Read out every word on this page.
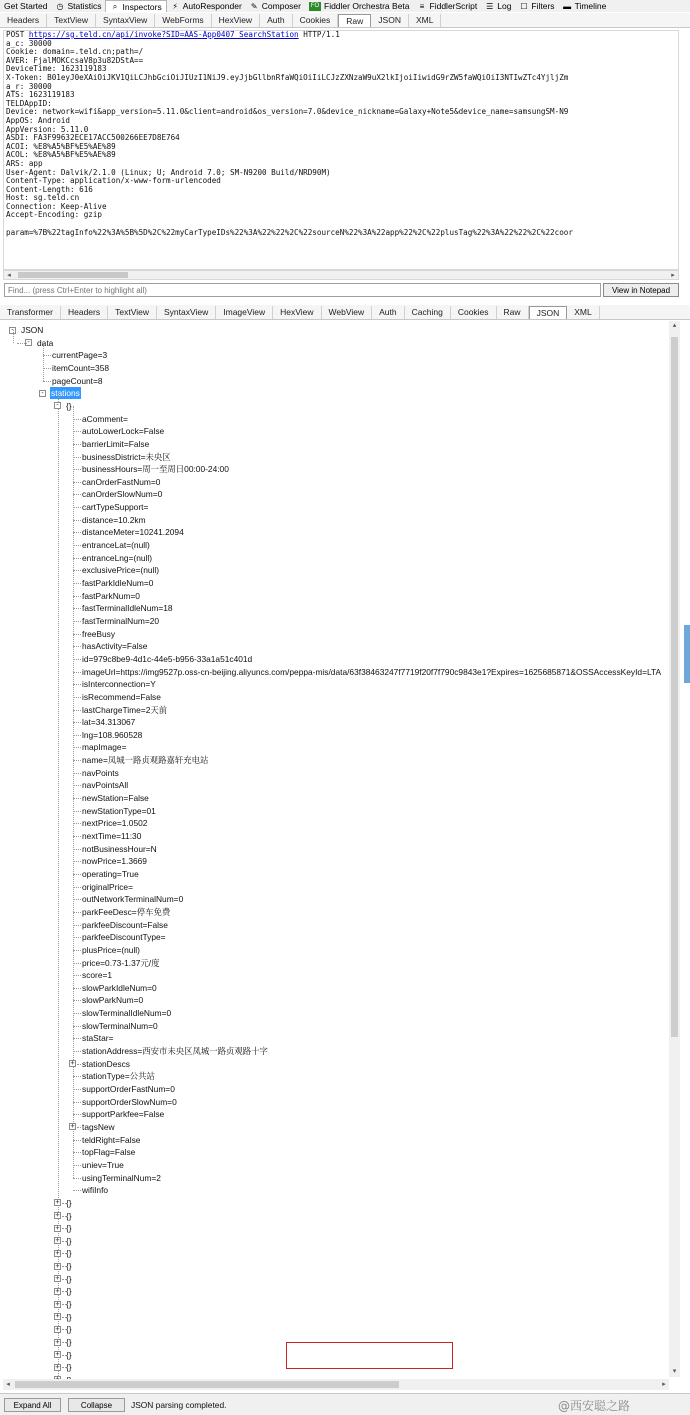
Get Started ◷ Statistics ⌕ Inspectors ⚡ AutoResponder ✎ Composer	FO Fiddler Orchestra Beta ≡ FiddlerScript ☰ Log ☐ Filters ▬ Timeline
Headers	TextView	SyntaxView	WebForms	HexView	Auth	Cookies	Raw	JSON	XML
POST https://sg.teld.cn/api/invoke?SID=AAS-App0407_SearchStation HTTP/1.1
a_c: 30000
Cookie: domain=.teld.cn;path=/
AVER: FjalMOKCcsaV8p3u82DStA==
DeviceTime: 1623119183
X-Token: B01eyJ0eXAiOiJKV1QiLCJhbGciOiJIUzI1NiJ9.eyJjbGllbnRfaWQiOiIiLCJzZXNzaW9uX2lkIjoiIiwidG9rZW5faWQiOiI3NTIwZTc4YjljZm
a_r: 30000
ATS: 1623119183
TELDAppID:
Device: network=wifi&app_version=5.11.0&client=android&os_version=7.0&device_nickname=Galaxy+Note5&device_name=samsungSM-N9
AppOS: Android
AppVersion: 5.11.0
ASDI: FA3F99632ECE17ACC500266EE7D8E764
ACOI: %E8%A5%BF%E5%AE%89
ACOL: %E8%A5%BF%E5%AE%89
ARS: app
User-Agent: Dalvik/2.1.0 (Linux; U; Android 7.0; SM-N9200 Build/NRD90M)
Content-Type: application/x-www-form-urlencoded
Content-Length: 616
Host: sg.teld.cn
Connection: Keep-Alive
Accept-Encoding: gzip

param=%7B%22tagInfo%22%3A%5B%5D%2C%22myCarTypeIDs%22%3A%22%22%2C%22sourceN%22%3A%22app%22%2C%22plusTag%22%3A%22%22%2C%22coor
◂	▸
Find... (press Ctrl+Enter to highlight all)
View in Notepad
Transformer	Headers	TextView	SyntaxView	ImageView	HexView	WebView	Auth	Caching	Cookies	Raw	JSON	XML
- JSON
- data
currentPage=3
itemCount=358
pageCount=8
- stations
- {}
aComment=
autoLowerLock=False
barrierLimit=False
businessDistrict=未央区
businessHours=周一至周日00:00-24:00
canOrderFastNum=0
canOrderSlowNum=0
cartTypeSupport=
distance=10.2km
distanceMeter=10241.2094
entranceLat=(null)
entranceLng=(null)
exclusivePrice=(null)
fastParkIdleNum=0
fastParkNum=0
fastTerminalIdleNum=18
fastTerminalNum=20
freeBusy
hasActivity=False
id=979c8be9-4d1c-44e5-b956-33a1a51c401d
imageUrl=https://img9527p.oss-cn-beijing.aliyuncs.com/peppa-mis/data/63f38463247f7719f20f7f790c9843e1?Expires=1625685871&OSSAccessKeyId=LTA
isInterconnection=Y
isRecommend=False
lastChargeTime=2天前
lat=34.313067
lng=108.960528
mapImage=
name=凤城一路贞观路嘉轩充电站
navPoints
navPointsAll
newStation=False
newStationType=01
nextPrice=1.0502
nextTime=11:30
notBusinessHour=N
nowPrice=1.3669
operating=True
originalPrice=
outNetworkTerminalNum=0
parkFeeDesc=停车免费
parkfeeDiscount=False
parkfeeDiscountType=
plusPrice=(null)
price=0.73-1.37元/度
score=1
slowParkIdleNum=0
slowParkNum=0
slowTerminalIdleNum=0
slowTerminalNum=0
staStar=
stationAddress=西安市未央区凤城一路贞观路十字
+ stationDescs
stationType=公共站
supportOrderFastNum=0
supportOrderSlowNum=0
supportParkfee=False
+ tagsNew
teldRight=False
topFlag=False
uniev=True
usingTerminalNum=2
wifiInfo
+ {}
+ {}
+ {}
+ {}
+ {}
+ {}
+ {}
+ {}
+ {}
+ {}
+ {}
+ {}
+ {}
+ {}
▴
▾
◂	▸
Expand All	Collapse	JSON parsing completed.	@西安聪之路
